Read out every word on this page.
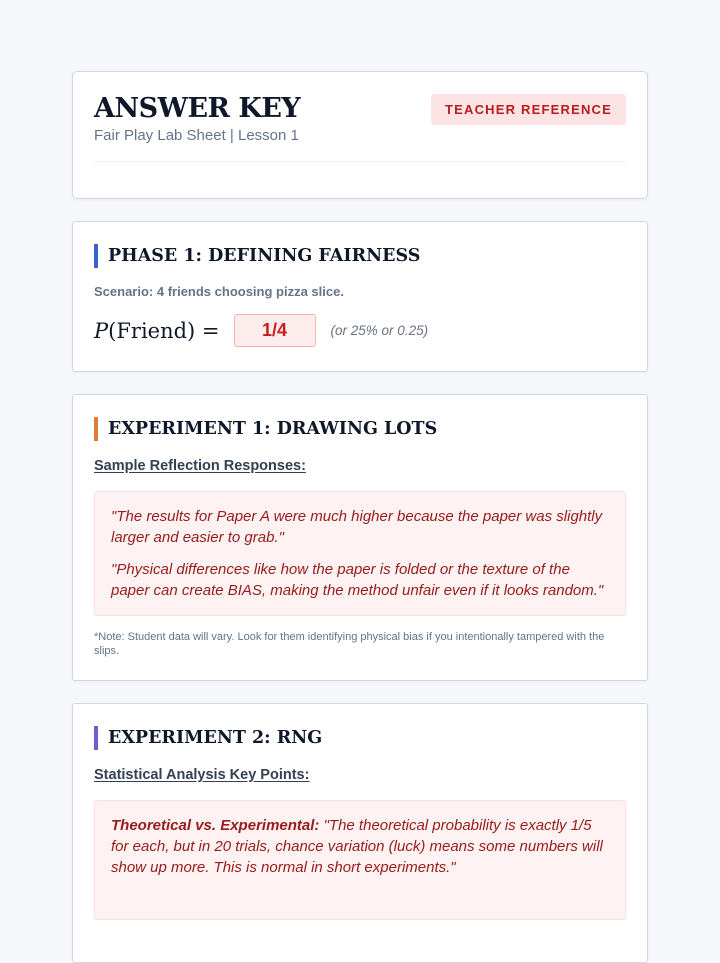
ANSWER KEY
Fair Play Lab Sheet | Lesson 1
TEACHER REFERENCE
PHASE 1: DEFINING FAIRNESS
Scenario: 4 friends choosing pizza slice.
P(Friend) =	1/4	(or 25% or 0.25)
EXPERIMENT 1: DRAWING LOTS
Sample Reflection Responses:

"The results for Paper A were much higher because the paper was slightly larger and easier to grab."

"Physical differences like how the paper is folded or the texture of the paper can create BIAS, making the method unfair even if it looks random."

*Note: Student data will vary. Look for them identifying physical bias if you intentionally tampered with the slips.
EXPERIMENT 2: RNG
Statistical Analysis Key Points:

Theoretical vs. Experimental: "The theoretical probability is exactly 1/5 for each, but in 20 trials, chance variation (luck) means some numbers will show up more. This is normal in short experiments."
